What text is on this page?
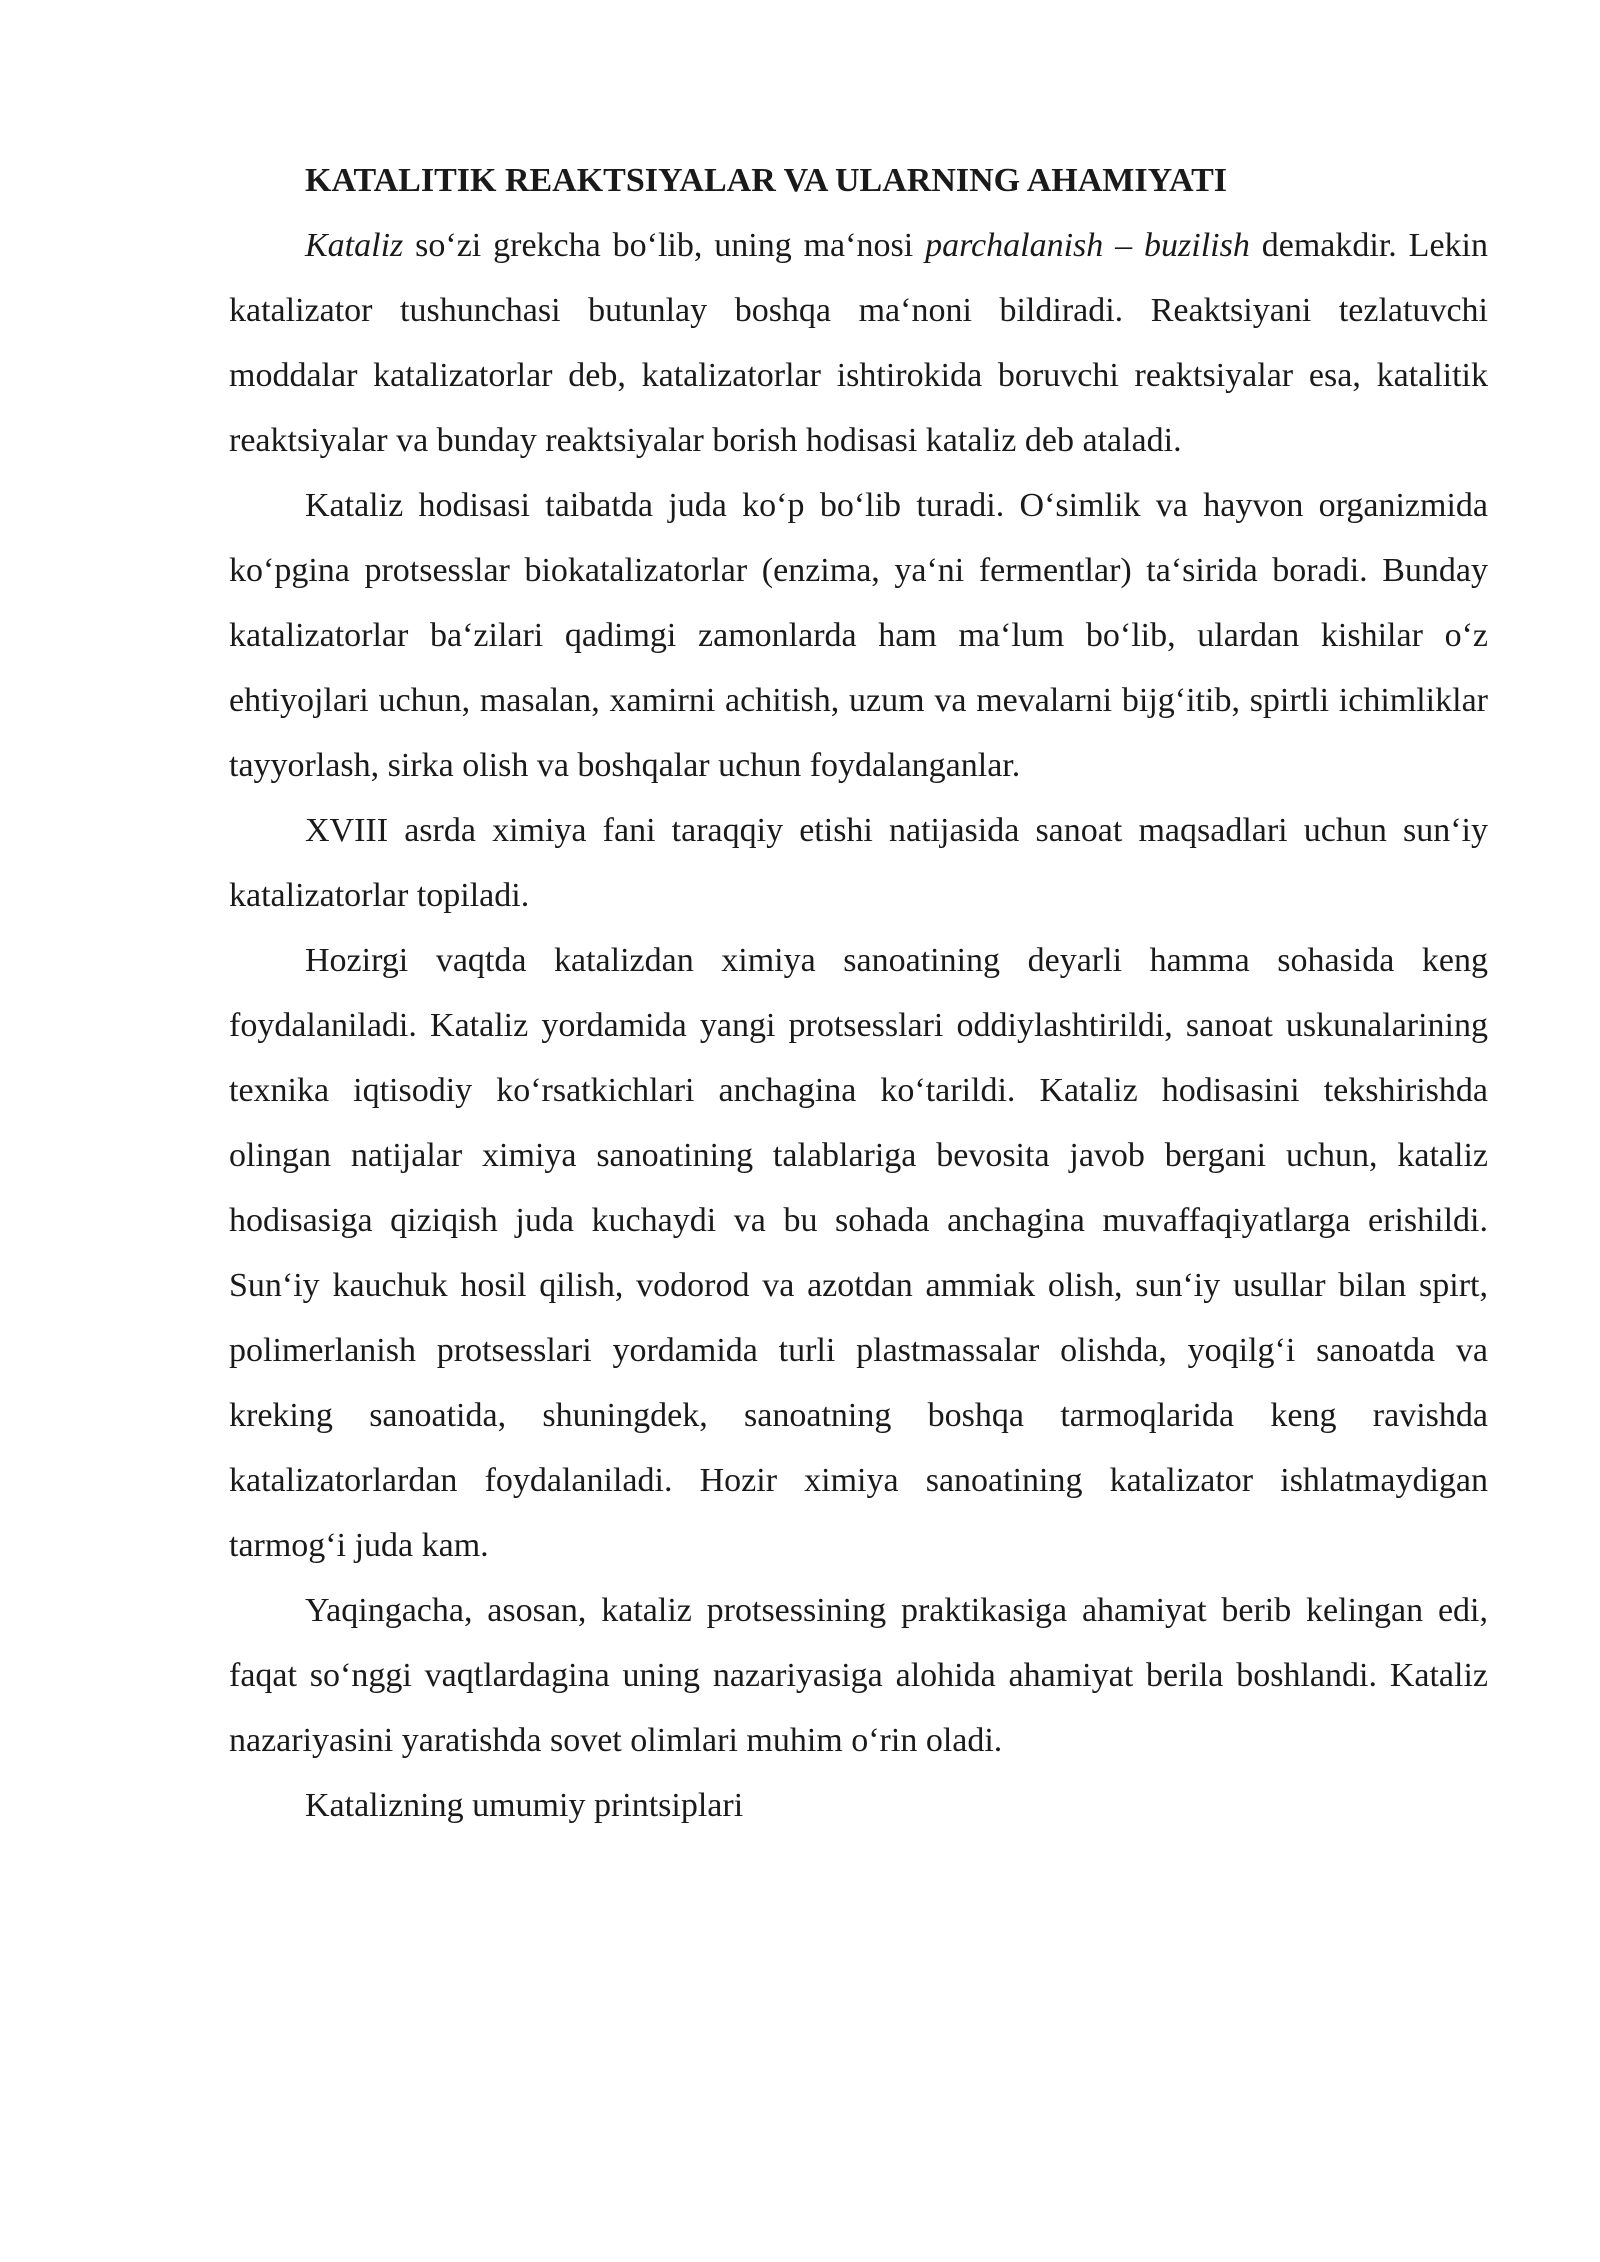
KATALITIK REAKTSIYALAR VA ULARNING AHAMIYATI

Kataliz so‘zi grekcha bo‘lib, uning ma‘nosi parchalanish – buzilish demakdir. Lekin katalizator tushunchasi butunlay boshqa ma‘noni bildiradi. Reaktsiyani tezlatuvchi moddalar katalizatorlar deb, katalizatorlar ishtirokida boruvchi reaktsiyalar esa, katalitik reaktsiyalar va bunday reaktsiyalar borish hodisasi kataliz deb ataladi.

Kataliz hodisasi taibatda juda ko‘p bo‘lib turadi. O‘simlik va hayvon organizmida ko‘pgina protsesslar biokatalizatorlar (enzima, ya‘ni fermentlar) ta‘sirida boradi. Bunday katalizatorlar ba‘zilari qadimgi zamonlarda ham ma‘lum bo‘lib, ulardan kishilar o‘z ehtiyojlari uchun, masalan, xamirni achitish, uzum va mevalarni bijg‘itib, spirtli ichimliklar tayyorlash, sirka olish va boshqalar uchun foydalanganlar.

XVIII asrda ximiya fani taraqqiy etishi natijasida sanoat maqsadlari uchun sun‘iy katalizatorlar topiladi.

Hozirgi vaqtda katalizdan ximiya sanoatining deyarli hamma sohasida keng foydalaniladi. Kataliz yordamida yangi protsesslari oddiylashtirildi, sanoat uskunalarining texnika iqtisodiy ko‘rsatkichlari anchagina ko‘tarildi. Kataliz hodisasini tekshirishda olingan natijalar ximiya sanoatining talablariga bevosita javob bergani uchun, kataliz hodisasiga qiziqish juda kuchaydi va bu sohada anchagina muvaffaqiyatlarga erishildi. Sun‘iy kauchuk hosil qilish, vodorod va azotdan ammiak olish, sun‘iy usullar bilan spirt, polimerlanish protsesslari yordamida turli plastmassalar olishda, yoqilg‘i sanoatda va kreking sanoatida, shuningdek, sanoatning boshqa tarmoqlarida keng ravishda katalizatorlardan foydalaniladi. Hozir ximiya sanoatining katalizator ishlatmaydigan tarmog‘i juda kam.

Yaqingacha, asosan, kataliz protsessining praktikasiga ahamiyat berib kelingan edi, faqat so‘nggi vaqtlardagina uning nazariyasiga alohida ahamiyat berila boshlandi. Kataliz nazariyasini yaratishda sovet olimlari muhim o‘rin oladi.

Katalizning umumiy printsiplari
